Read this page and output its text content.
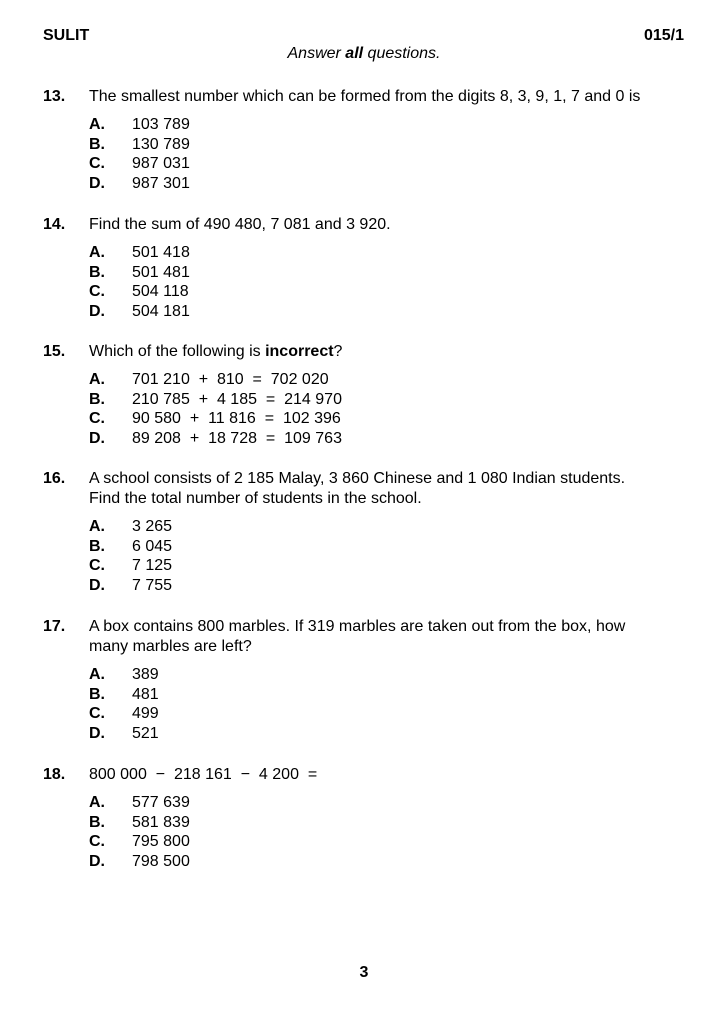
SULIT	015/1
Answer all questions.
13. The smallest number which can be formed from the digits 8, 3, 9, 1, 7 and 0 is
A. 103 789
B. 130 789
C. 987 031
D. 987 301
14. Find the sum of 490 480, 7 081 and 3 920.
A. 501 418
B. 501 481
C. 504 118
D. 504 181
15. Which of the following is incorrect?
A. 701 210  +  810  =  702 020
B. 210 785  +  4 185  =  214 970
C. 90 580  +  11 816  =  102 396
D. 89 208  +  18 728  =  109 763
16. A school consists of 2 185 Malay, 3 860 Chinese and 1 080 Indian students.
Find the total number of students in the school.
A. 3 265
B. 6 045
C. 7 125
D. 7 755
17. A box contains 800 marbles. If 319 marbles are taken out from the box, how
many marbles are left?
A. 389
B. 481
C. 499
D. 521
18. 800 000  −  218 161  −  4 200  =
A. 577 639
B. 581 839
C. 795 800
D. 798 500
3
